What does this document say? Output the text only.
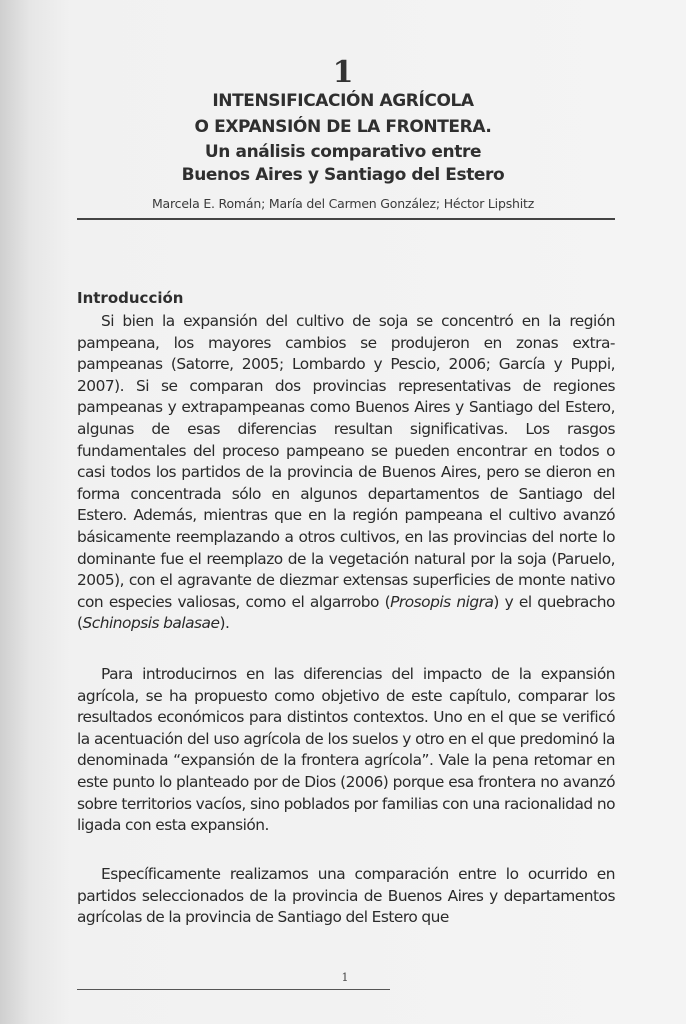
1
INTENSIFICACIÓN AGRÍCOLA
O EXPANSIÓN DE LA FRONTERA.
Un análisis comparativo entre
Buenos Aires y Santiago del Estero
Marcela E. Román; María del Carmen González; Héctor Lipshitz
Introducción

Si bien la expansión del cultivo de soja se concentró en la región pampeana, los mayores cambios se produjeron en zonas extra-pampeanas (Satorre, 2005; Lombardo y Pescio, 2006; García y Puppi, 2007). Si se comparan dos provincias representativas de regiones pampeanas y extrapampeanas como Buenos Aires y Santiago del Estero, algunas de esas diferencias resultan significativas. Los rasgos fundamentales del proceso pampeano se pueden encontrar en todos o casi todos los partidos de la provincia de Buenos Aires, pero se dieron en forma concentrada sólo en algunos departamentos de Santiago del Estero. Además, mientras que en la región pampeana el cultivo avanzó básicamente reemplazando a otros cultivos, en las provincias del norte lo dominante fue el reemplazo de la vegetación natural por la soja (Paruelo, 2005), con el agravante de diezmar extensas superficies de monte nativo con especies valiosas, como el algarrobo (Prosopis nigra) y el quebracho (Schinopsis balasae).

Para introducirnos en las diferencias del impacto de la expansión agrícola, se ha propuesto como objetivo de este capítulo, comparar los resultados económicos para distintos contextos. Uno en el que se verificó la acentuación del uso agrícola de los suelos y otro en el que predominó la denominada “expansión de la frontera agrícola”. Vale la pena retomar en este punto lo planteado por de Dios (2006) porque esa frontera no avanzó sobre territorios vacíos, sino poblados por familias con una racionalidad no ligada con esta expansión.

Específicamente realizamos una comparación entre lo ocurrido en partidos seleccionados de la provincia de Buenos Aires y departamentos agrícolas de la provincia de Santiago del Estero que

1
